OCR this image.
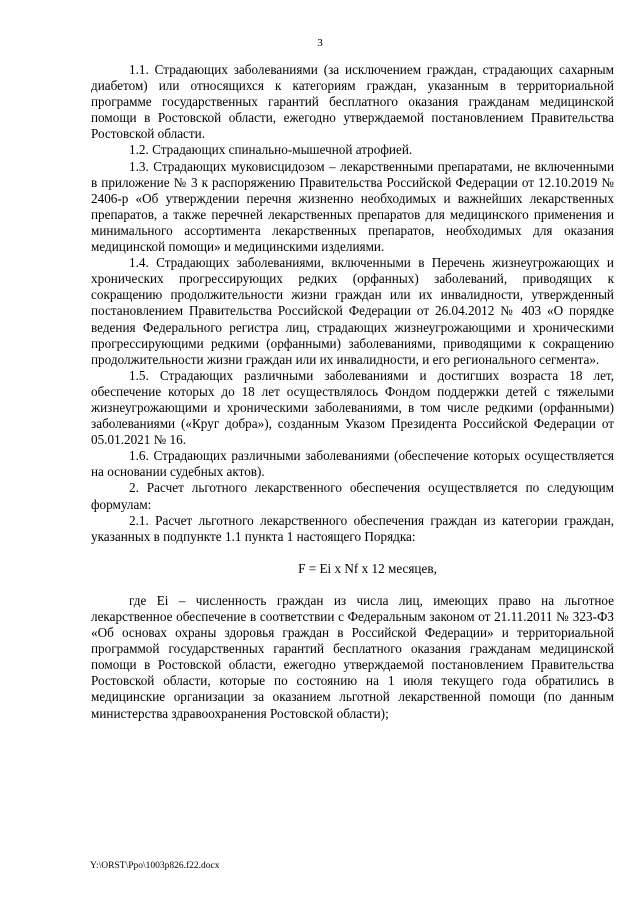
3

1.1. Страдающих заболеваниями (за исключением граждан, страдающих сахарным диабетом) или относящихся к категориям граждан, указанным в территориальной программе государственных гарантий бесплатного оказания гражданам медицинской помощи в Ростовской области, ежегодно утверждаемой постановлением Правительства Ростовской области.

1.2. Страдающих спинально-мышечной атрофией.

1.3. Страдающих муковисцидозом – лекарственными препаратами, не включенными в приложение № 3 к распоряжению Правительства Российской Федерации от 12.10.2019 № 2406-р «Об утверждении перечня жизненно необходимых и важнейших лекарственных препаратов, а также перечней лекарственных препаратов для медицинского применения и минимального ассортимента лекарственных препаратов, необходимых для оказания медицинской помощи» и медицинскими изделиями.

1.4. Страдающих заболеваниями, включенными в Перечень жизнеугрожающих и хронических прогрессирующих редких (орфанных) заболеваний, приводящих к сокращению продолжительности жизни граждан или их инвалидности, утвержденный постановлением Правительства Российской Федерации от 26.04.2012 № 403 «О порядке ведения Федерального регистра лиц, страдающих жизнеугрожающими и хроническими прогрессирующими редкими (орфанными) заболеваниями, приводящими к сокращению продолжительности жизни граждан или их инвалидности, и его регионального сегмента».

1.5. Страдающих различными заболеваниями и достигших возраста 18 лет, обеспечение которых до 18 лет осуществлялось Фондом поддержки детей с тяжелыми жизнеугрожающими и хроническими заболеваниями, в том числе редкими (орфанными) заболеваниями («Круг добра»), созданным Указом Президента Российской Федерации от 05.01.2021 № 16.

1.6. Страдающих различными заболеваниями (обеспечение которых осуществляется на основании судебных актов).

2. Расчет льготного лекарственного обеспечения осуществляется по следующим формулам:

2.1. Расчет льготного лекарственного обеспечения граждан из категории граждан, указанных в подпункте 1.1 пункта 1 настоящего Порядка:

F = Ei x Nf x 12 месяцев,

где Ei – численность граждан из числа лиц, имеющих право на льготное лекарственное обеспечение в соответствии с Федеральным законом от 21.11.2011 № 323-ФЗ «Об основах охраны здоровья граждан в Российской Федерации» и территориальной программой государственных гарантий бесплатного оказания гражданам медицинской помощи в Ростовской области, ежегодно утверждаемой постановлением Правительства Ростовской области, которые по состоянию на 1 июля текущего года обратились в медицинские организации за оказанием льготной лекарственной помощи (по данным министерства здравоохранения Ростовской области);

Y:\ORST\Ppo\1003p826.f22.docx
